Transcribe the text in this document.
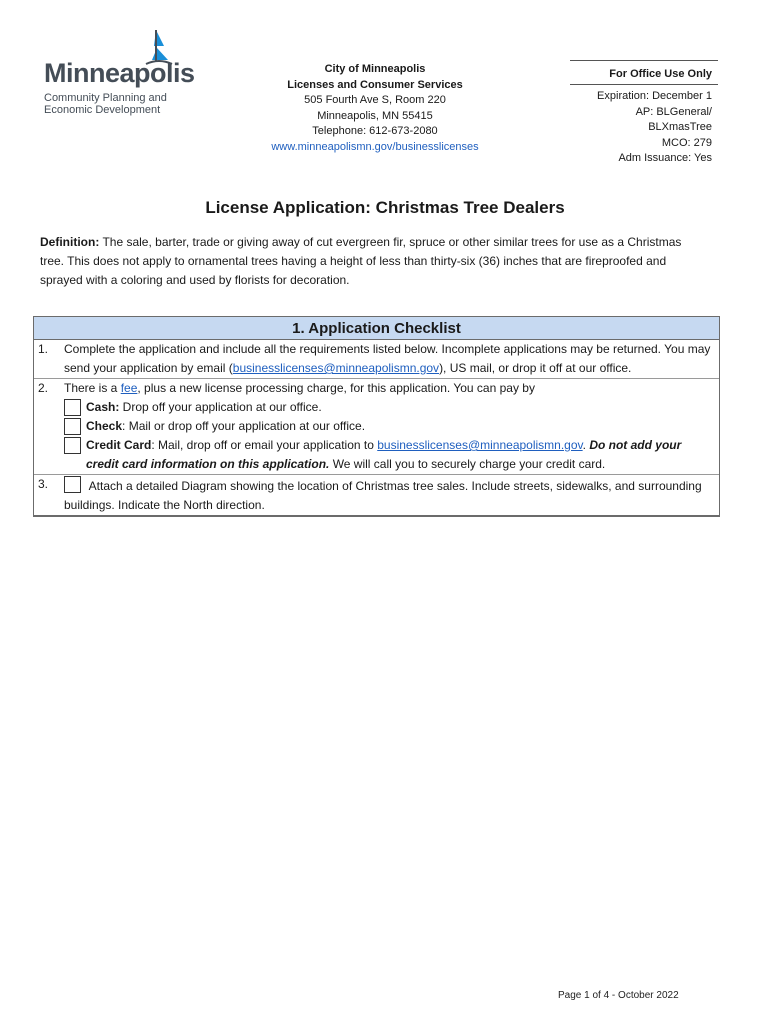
Minneapolis
Community Planning and
Economic Development
City of Minneapolis
Licenses and Consumer Services
505 Fourth Ave S, Room 220
Minneapolis, MN 55415
Telephone: 612-673-2080
www.minneapolismn.gov/businesslicenses
For Office Use Only
Expiration: December 1
AP: BLGeneral/
BLXmasTree
MCO: 279
Adm Issuance: Yes
License Application: Christmas Tree Dealers
Definition: The sale, barter, trade or giving away of cut evergreen fir, spruce or other similar trees for use as a Christmas tree. This does not apply to ornamental trees having a height of less than thirty-six (36) inches that are fireproofed and sprayed with a coloring and used by florists for decoration.
1. Application Checklist
1.	Complete the application and include all the requirements listed below. Incomplete applications may be returned. You may send your application by email (businesslicenses@minneapolismn.gov), US mail, or drop it off at our office.
2.	There is a fee, plus a new license processing charge, for this application. You can pay by
Cash: Drop off your application at our office.
Check: Mail or drop off your application at our office.
Credit Card: Mail, drop off or email your application to businesslicenses@minneapolismn.gov. Do not add your credit card information on this application. We will call you to securely charge your credit card.
3.	Attach a detailed Diagram showing the location of Christmas tree sales. Include streets, sidewalks, and surrounding buildings. Indicate the North direction.
Page 1 of 4 - October 2022
